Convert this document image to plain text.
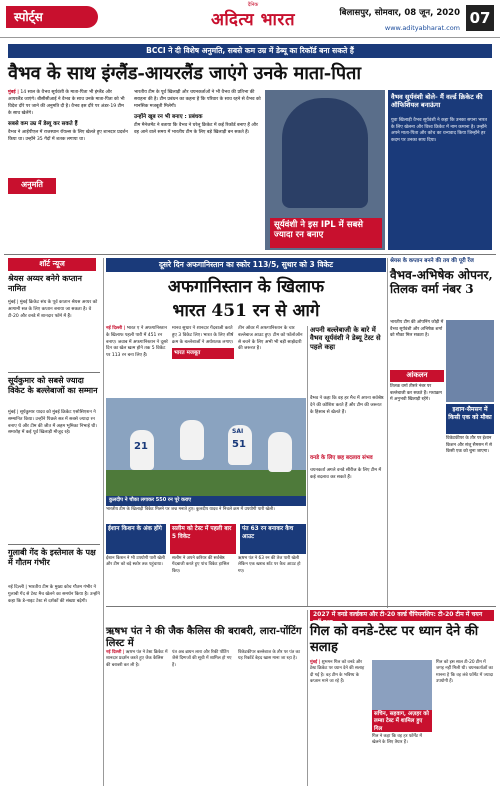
स्पोर्ट्स
दैनिक
अदित्य भारत	बिलासपुर, सोमवार, 08 जून, 2020
www.adityabharat.com
07
BCCI ने दी विशेष अनुमति, सबसे कम उम्र में डेब्यू का रिकॉर्ड बना सकते हैं
वैभव के साथ इंग्लैंड-आयरलैंड जाएंगे उनके माता-पिता
मुंबई | 14 साल के वैभव सूर्यवंशी के माता-पिता भी इंग्लैंड और आयरलैंड जाएंगे। बीसीसीआई ने वैभव के साथ उनके माता-पिता को भी विदेश दौरे पर जाने की अनुमति दी है। वैभव इस दौरे पर अंडर-19 टीम के साथ खेलेंगे।
सबसे कम उम्र में डेब्यू कर सकते हैं
वैभव ने आईपीएल में राजस्थान रॉयल्स के लिए खेलते हुए शानदार प्रदर्शन किया था। उन्होंने 35 गेंदों में शतक लगाया था।
अनुमति
भारतीय टीम के पूर्व खिलाड़ी और चयनकर्ताओं ने भी वैभव की प्रतिभा की सराहना की है। टीम प्रबंधन का कहना है कि परिवार के साथ रहने से वैभव को मानसिक मजबूती मिलेगी।
उन्होंने खूब रन भी बनाए : प्रबंधक
टीम मैनेजमेंट ने बताया कि वैभव ने घरेलू क्रिकेट में कई रिकॉर्ड बनाए हैं और वह आने वाले समय में भारतीय टीम के लिए बड़े खिलाड़ी बन सकते हैं।
सूर्यवंशी ने इस IPL में सबसे ज्यादा रन बनाए
वैभव सूर्यवंशी बोले- मैं वर्ल्ड क्रिकेट की ऑफिशियल बनाऊंगा
युवा खिलाड़ी वैभव सूर्यवंशी ने कहा कि उनका सपना भारत के लिए खेलना और विश्व क्रिकेट में नाम कमाना है। उन्होंने अपने माता-पिता और कोच का धन्यवाद किया जिन्होंने हर कदम पर उनका साथ दिया।
शॉर्ट न्यूज
श्रेयस अय्यर बनेगे कप्तान नामित
मुंबई | मुंबई क्रिकेट संघ के पूर्व कप्तान श्रेयस अय्यर को आगामी सत्र के लिए कप्तान बनाया जा सकता है। वे टी-20 और वनडे में शानदार फॉर्म में हैं।
सूर्यकुमार को सबसे ज्यादा विकेट के बल्लेबाजों का सम्मान
मुंबई | सूर्यकुमार यादव को मुंबई क्रिकेट एसोसिएशन ने सम्मानित किया। उन्होंने पिछले सत्र में सबसे ज्यादा रन बनाए थे और टीम की जीत में अहम भूमिका निभाई थी। समारोह में कई पूर्व खिलाड़ी मौजूद रहे।
गुलाबी गेंद के इस्तेमाल के पक्ष में गौतम गंभीर
नई दिल्ली | भारतीय टीम के मुख्य कोच गौतम गंभीर ने गुलाबी गेंद से टेस्ट मैच खेलने का समर्थन किया है। उन्होंने कहा कि डे-नाइट टेस्ट से दर्शकों की संख्या बढ़ेगी।
दूसरे दिन अफगानिस्तान का स्कोर 113/5, सुथार को 3 विकेट
अफगानिस्तान के खिलाफ
भारत 451 रन से आगे
नई दिल्ली | भारत ए ने अफगानिस्तान के खिलाफ पहली पारी में 451 रन बनाए। जवाब में अफगानिस्तान ने दूसरे दिन का खेल खत्म होने तक 5 विकेट पर 113 रन बना लिए हैं।
मानव सुथार ने शानदार गेंदबाजी करते हुए 3 विकेट लिए। भारत के लिए शीर्ष क्रम के बल्लेबाजों ने अर्धशतक लगाए।
भारत मजबूत
तीन ओवर में अफगानिस्तान के चार बल्लेबाज आउट हुए। टीम को फॉलोऑन से बचने के लिए अभी भी बड़ी साझेदारी की जरूरत है।
21
SAI
51
कुलदीप ने चौका लगाकर 550 रन पूरे कराए
भारतीय टीम के खिलाड़ी विकेट मिलने पर जश्न मनाते हुए। कुलदीप यादव ने निचले क्रम में उपयोगी पारी खेली।
ईशान किशन के अंक होंगे	सलीम को टेस्ट में पहली बार 5 विकेट
पंत 63 रन बनाकर कैच आउट
ईशान किशन ने भी उपयोगी पारी खेली और टीम को बड़े स्कोर तक पहुंचाया।
सलीम ने अपने करियर की सर्वश्रेष्ठ गेंदबाजी करते हुए पांच विकेट हासिल किए।
ऋषभ पंत ने 63 रन की तेज पारी खेली लेकिन एक खराब शॉट पर कैच आउट हो गए।
अपनी बल्लेबाजी के बारे में वैभव सूर्यवंशी ने डेब्यू टेस्ट से पहले कहा
वैभव ने कहा कि वह हर मैच में अपना सर्वश्रेष्ठ देने की कोशिश करते हैं और टीम की जरूरत के हिसाब से खेलते हैं।
वनडे के लिए छह बदलाव संभव
चयनकर्ता अगले वनडे सीरीज के लिए टीम में कई बदलाव कर सकते हैं।
श्रेयस के कप्तान बनने की तय की पूरी रेंज
वैभव-अभिषेक ओपनर, तिलक वर्मा नंबर 3
भारतीय टीम की ओपनिंग जोड़ी में वैभव सूर्यवंशी और अभिषेक शर्मा को मौका मिल सकता है।
आंकलन
तिलक वर्मा तीसरे नंबर पर बल्लेबाजी कर सकते हैं। मध्यक्रम में अनुभवी खिलाड़ी रहेंगे।
इशान-सैमसन में किसी एक को मौका
विकेटकीपर के तौर पर ईशान किशन और संजू सैमसन में से किसी एक को चुना जाएगा।
ऋषभ पंत ने की जैक कैलिस की बराबरी, लारा-पोंटिंग लिस्ट में
नई दिल्ली | ऋषभ पंत ने टेस्ट क्रिकेट में शानदार प्रदर्शन करते हुए जैक कैलिस की बराबरी कर ली है।
पंत अब ब्रायन लारा और रिकी पोंटिंग जैसे दिग्गजों की सूची में शामिल हो गए हैं।
विकेटकीपर बल्लेबाज के तौर पर पंत का यह रिकॉर्ड बेहद खास माना जा रहा है।
2027 में वनडे वर्ल्डकप और टी-20 वर्ल्ड चैंपियनशिप: टी-20 टीम में चयन नहीं हुआ
गिल को वनडे-टेस्ट पर ध्यान देने की सलाह
मुंबई | शुभमन गिल को वनडे और टेस्ट क्रिकेट पर ध्यान देने की सलाह दी गई है। वह टीम के भविष्य के कप्तान माने जा रहे हैं।
सचिन, सहवाग, अज़हर को लम्बा टेस्ट में शामिल हुए गिल
गिल ने कहा कि वह हर फॉर्मेट में खेलने के लिए तैयार हैं।
गिल को इस साल टी-20 टीम में जगह नहीं मिली थी। चयनकर्ताओं का मानना है कि वह लंबे फॉर्मेट में ज्यादा उपयोगी हैं।
